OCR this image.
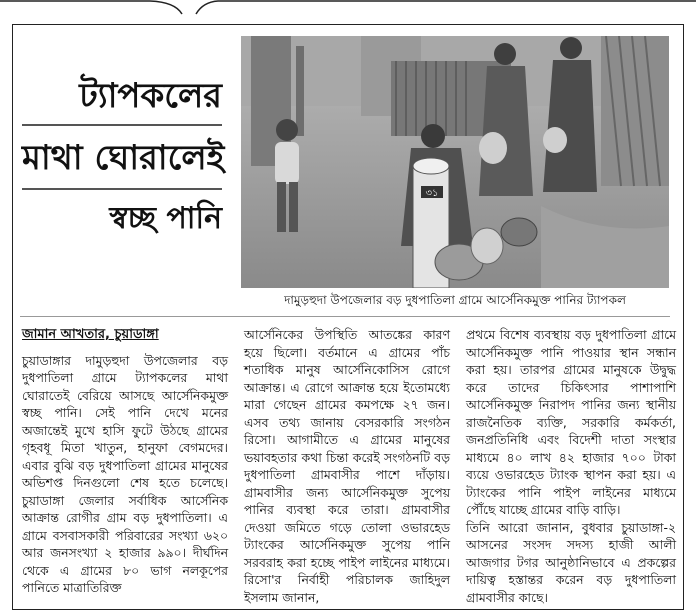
ট্যাপকলের
মাথা ঘোরালেই
স্বচ্ছ পানি
৩১
দামুড়হুদা উপজেলার বড় দুধপাতিলা গ্রামে আর্সেনিকমুক্ত পানির ট্যাপকল

জামান আখতার, চুয়াডাঙ্গা

চুয়াডাঙ্গার দামুড়হুদা উপজেলার বড় দুধপাতিলা গ্রামে ট্যাপকলের মাথা ঘোরাতেই বেরিয়ে আসছে আর্সেনিকমুক্ত স্বচ্ছ পানি। সেই পানি দেখে মনের অজান্তেই মুখে হাসি ফুটে উঠছে গ্রামের গৃহবধূ মিতা খাতুন, হানুফা বেগমদের। এবার বুঝি বড় দুধপাতিলা গ্রামের মানুষের অভিশপ্ত দিনগুলো শেষ হতে চলেছে। চুয়াডাঙ্গা জেলার সর্বাধিক আর্সেনিক আক্রান্ত রোগীর গ্রাম বড় দুধপাতিলা। এ গ্রামে বসবাসকারী পরিবারের সংখ্যা ৬২০ আর জনসংখ্যা ২ হাজার ৯৯০। দীর্ঘদিন থেকে এ গ্রামের ৮০ ভাগ নলকূপের পানিতে মাত্রাতিরিক্ত

আর্সেনিকের উপস্থিতি আতঙ্কের কারণ হয়ে ছিলো। বর্তমানে এ গ্রামের পাঁচ শতাধিক মানুষ আর্সেনিকোসিস রোগে আক্রান্ত। এ রোগে আক্রান্ত হয়ে ইতোমধ্যে মারা গেছেন গ্রামের কমপক্ষে ২৭ জন। এসব তথ্য জানায় বেসরকারি সংগঠন রিসো। আগামীতে এ গ্রামের মানুষের ভয়াবহতার কথা চিন্তা করেই সংগঠনটি বড় দুধপাতিলা গ্রামবাসীর পাশে দাঁড়ায়। গ্রামবাসীর জন্য আর্সেনিকমুক্ত সুপেয় পানির ব্যবস্থা করে তারা। গ্রামবাসীর দেওয়া জমিতে গড়ে তোলা ওভারহেড ট্যাংকের আর্সেনিকমুক্ত সুপেয় পানি সরবরাহ করা হচ্ছে পাইপ লাইনের মাধ্যমে। রিসো'র নির্বাহী পরিচালক জাহিদুল ইসলাম জানান,

প্রথমে বিশেষ ব্যবস্থায় বড় দুধপাতিলা গ্রামে আর্সেনিকমুক্ত পানি পাওয়ার স্থান সন্ধান করা হয়। তারপর গ্রামের মানুষকে উদ্বুদ্ধ করে তাদের চিকিৎসার পাশাপাশি আর্সেনিকমুক্ত নিরাপদ পানির জন্য স্থানীয় রাজনৈতিক ব্যক্তি, সরকারি কর্মকর্তা, জনপ্রতিনিধি এবং বিদেশী দাতা সংস্থার মাধ্যমে ৪০ লাখ ৪২ হাজার ৭০০ টাকা ব্যয়ে ওভারহেড ট্যাংক স্থাপন করা হয়। এ ট্যাংকের পানি পাইপ লাইনের মাধ্যমে পৌঁছে যাচ্ছে গ্রামের বাড়ি বাড়ি।

তিনি আরো জানান, বুধবার চুয়াডাঙ্গা-২ আসনের সংসদ সদস্য হাজী আলী আজগার টগর আনুষ্ঠানিভাবে এ প্রকল্পের দায়িত্ব হস্তান্তর করেন বড় দুধপাতিলা গ্রামবাসীর কাছে।
